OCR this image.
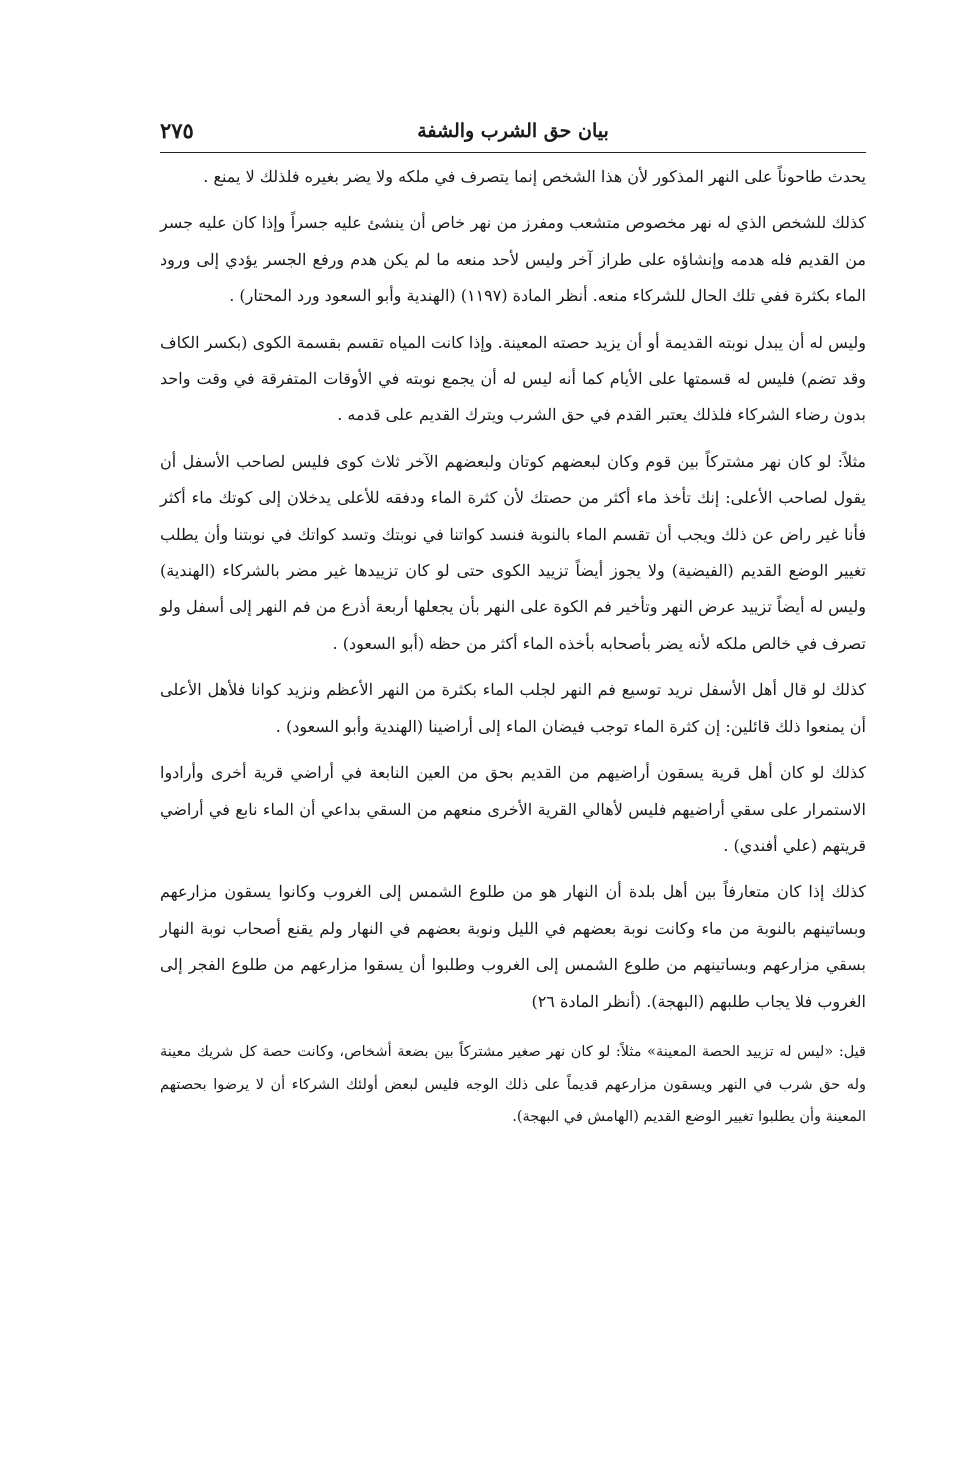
بيان حق الشرب والشفة
٢٧٥

يحدث طاحوناً على النهر المذكور لأن هذا الشخص إنما يتصرف في ملكه ولا يضر بغيره فلذلك لا يمنع .

كذلك للشخص الذي له نهر مخصوص متشعب ومفرز من نهر خاص أن ينشئ عليه جسراً وإذا كان عليه جسر من القديم فله هدمه وإنشاؤه على طراز آخر وليس لأحد منعه ما لم يكن هدم ورفع الجسر يؤدي إلى ورود الماء بكثرة ففي تلك الحال للشركاء منعه. أنظر المادة (١١٩٧) (الهندية وأبو السعود ورد المحتار) .

وليس له أن يبدل نوبته القديمة أو أن يزيد حصته المعينة. وإذا كانت المياه تقسم بقسمة الكوى (بكسر الكاف وقد تضم) فليس له قسمتها على الأيام كما أنه ليس له أن يجمع نوبته في الأوقات المتفرقة في وقت واحد بدون رضاء الشركاء فلذلك يعتبر القدم في حق الشرب ويترك القديم على قدمه .

مثلاً: لو كان نهر مشتركاً بين قوم وكان لبعضهم كوتان ولبعضهم الآخر ثلاث كوى فليس لصاحب الأسفل أن يقول لصاحب الأعلى: إنك تأخذ ماء أكثر من حصتك لأن كثرة الماء ودفقه للأعلى يدخلان إلى كوتك ماء أكثر فأنا غير راض عن ذلك ويجب أن تقسم الماء بالنوبة فنسد كواتنا في نوبتك وتسد كواتك في نوبتنا وأن يطلب تغيير الوضع القديم (الفيضية) ولا يجوز أيضاً تزييد الكوى حتى لو كان تزييدها غير مضر بالشركاء (الهندية) وليس له أيضاً تزييد عرض النهر وتأخير فم الكوة على النهر بأن يجعلها أربعة أذرع من فم النهر إلى أسفل ولو تصرف في خالص ملكه لأنه يضر بأصحابه بأخذه الماء أكثر من حظه (أبو السعود) .

كذلك لو قال أهل الأسفل نريد توسيع فم النهر لجلب الماء بكثرة من النهر الأعظم ونزيد كوانا فلأهل الأعلى أن يمنعوا ذلك قائلين: إن كثرة الماء توجب فيضان الماء إلى أراضينا (الهندية وأبو السعود) .

كذلك لو كان أهل قرية يسقون أراضيهم من القديم بحق من العين النابعة في أراضي قرية أخرى وأرادوا الاستمرار على سقي أراضيهم فليس لأهالي القرية الأخرى منعهم من السقي بداعي أن الماء نابع في أراضي قريتهم (علي أفندي) .

كذلك إذا كان متعارفاً بين أهل بلدة أن النهار هو من طلوع الشمس إلى الغروب وكانوا يسقون مزارعهم وبساتينهم بالنوبة من ماء وكانت نوبة بعضهم في الليل ونوبة بعضهم في النهار ولم يقنع أصحاب نوبة النهار بسقي مزارعهم وبساتينهم من طلوع الشمس إلى الغروب وطلبوا أن يسقوا مزارعهم من طلوع الفجر إلى الغروب فلا يجاب طلبهم (البهجة). (أنظر المادة ٢٦)

قيل: «ليس له تزييد الحصة المعينة» مثلاً: لو كان نهر صغير مشتركاً بين بضعة أشخاص، وكانت حصة كل شريك معينة وله حق شرب في النهر ويسقون مزارعهم قديماً على ذلك الوجه فليس لبعض أولئك الشركاء أن لا يرضوا بحصتهم المعينة وأن يطلبوا تغيير الوضع القديم (الهامش في البهجة).
